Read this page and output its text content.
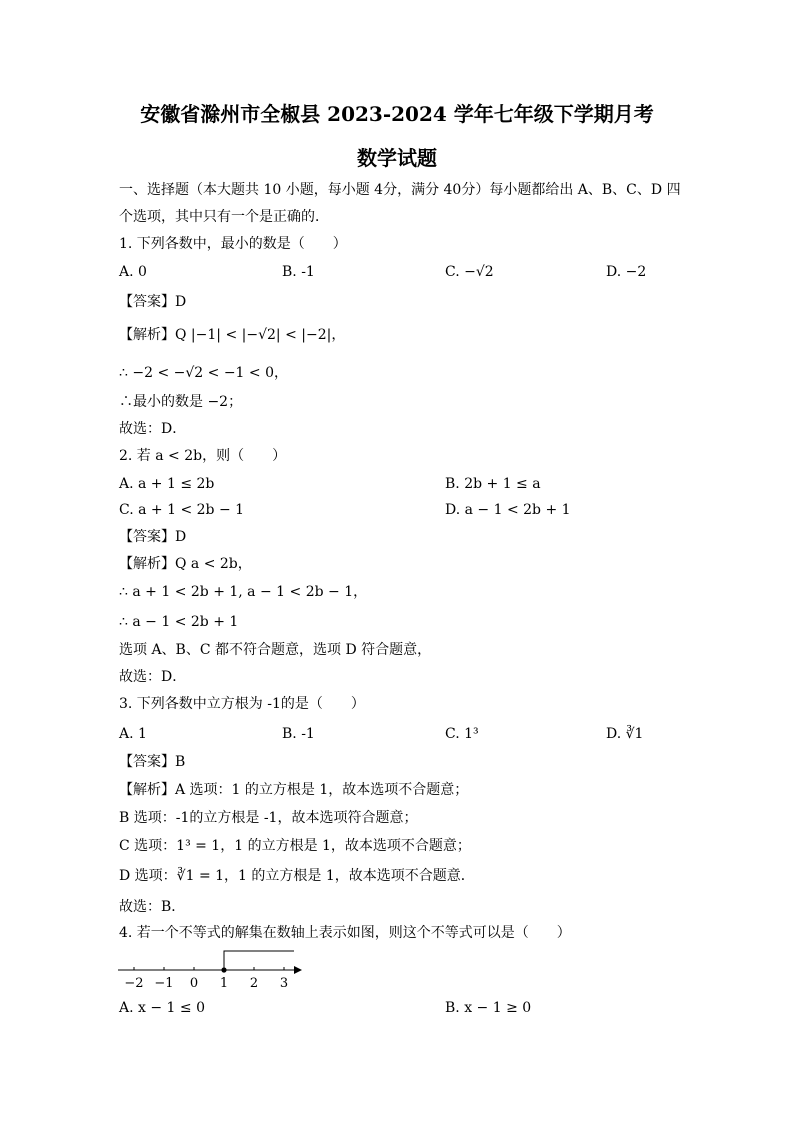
安徽省滁州市全椒县 2023-2024 学年七年级下学期月考
数学试题
一、选择题（本大题共 10 小题，每小题 4分，满分 40分）每小题都给出 A、B、C、D 四
个选项，其中只有一个是正确的．
1. 下列各数中，最小的数是（　　）
A. 0	B. -1	C. −√2	D. −2
【答案】D
【解析】Q |−1| < |−√2| < |−2|，
∴ −2 < −√2 < −1 < 0，
∴最小的数是 −2；
故选：D．
2. 若 a < 2b，则（　　）
A. a + 1 ≤ 2b	B. 2b + 1 ≤ a
C. a + 1 < 2b − 1	D. a − 1 < 2b + 1
【答案】D
【解析】Q a < 2b，
∴ a + 1 < 2b + 1, a − 1 < 2b − 1，
∴ a − 1 < 2b + 1
选项 A、B、C 都不符合题意，选项 D 符合题意，
故选：D．
3. 下列各数中立方根为 -1的是（　　）
A. 1	B. -1	C. 1³	D. ∛1
【答案】B
【解析】A 选项：1 的立方根是 1，故本选项不合题意；
B 选项：-1的立方根是 -1，故本选项符合题意；
C 选项：1³ = 1，1 的立方根是 1，故本选项不合题意；
D 选项：∛1 = 1，1 的立方根是 1，故本选项不合题意．
故选：B．
4. 若一个不等式的解集在数轴上表示如图，则这个不等式可以是（　　）
−2 −1 0 1 2 3
A. x − 1 ≤ 0	B. x − 1 ≥ 0
